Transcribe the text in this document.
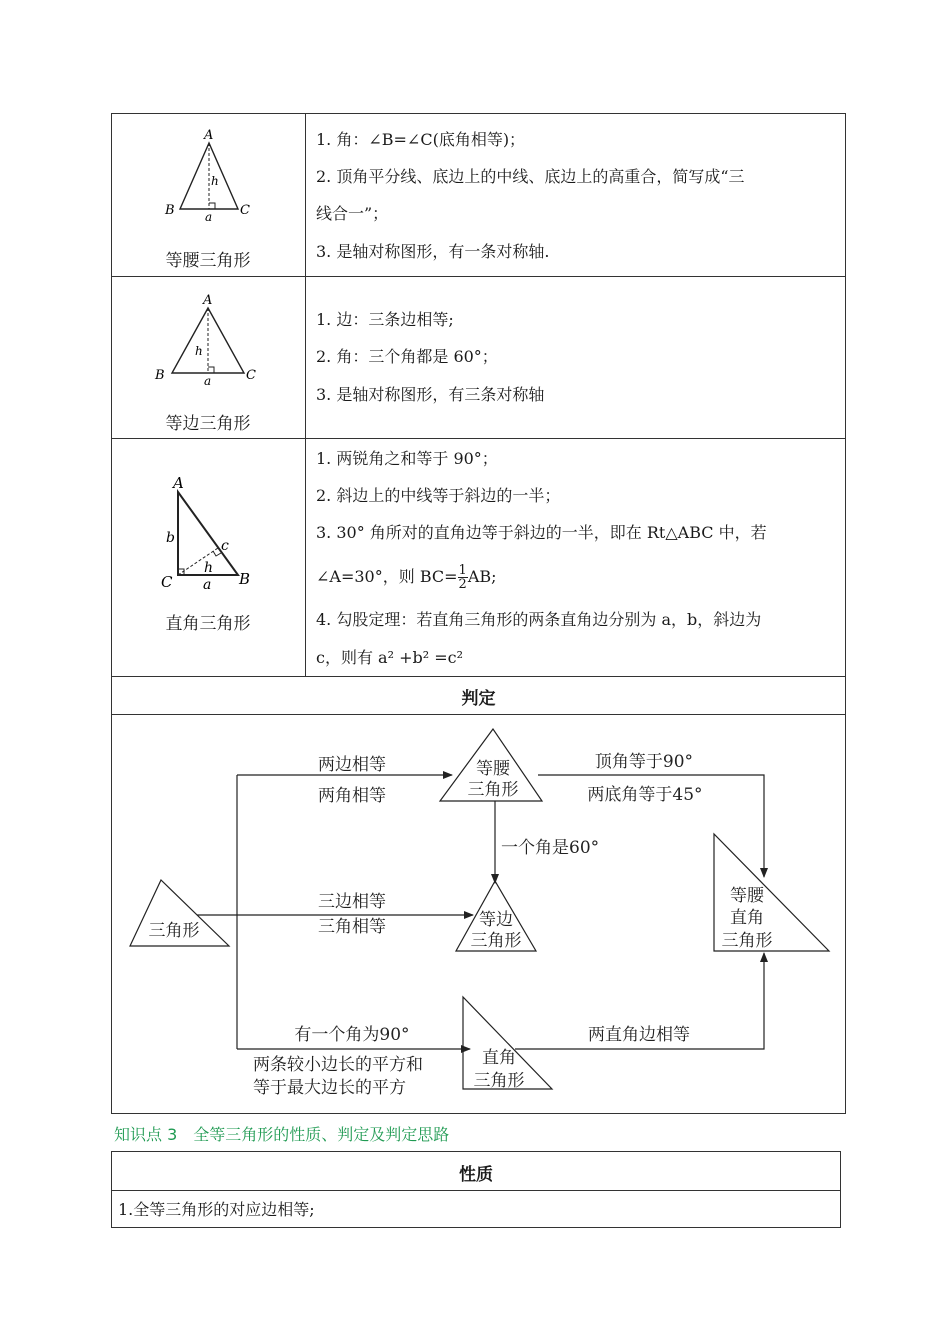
A
B	C
h
a
等腰三角形
1. 角：∠B=∠C(底角相等)；
2. 顶角平分线、底边上的中线、底边上的高重合，简写成“三
线合一”；
3. 是轴对称图形，有一条对称轴.
A
B	C
h
a
等边三角形
1. 边：三条边相等;
2. 角：三个角都是 60°；
3. 是轴对称图形，有三条对称轴
A
C	B
b	c
h
a
直角三角形
1. 两锐角之和等于 90°；
2. 斜边上的中线等于斜边的一半；
3. 30° 角所对的直角边等于斜边的一半，即在 Rt△ABC 中，若
∠A=30°，则 $BC= \frac{1}{2}$ AB;
4. 勾股定理：若直角三角形的两条直角边分别为 a，b，斜边为
c，则有 a² +b² =c²
判定
三角形
等腰
三角形
等边
三角形
直角
三角形
等腰
直角
三角形
两边相等
两角相等
三边相等
三角相等
一个角是60°
顶角等于90°
两底角等于45°
有一个角为90°
两条较小边长的平方和
等于最大边长的平方
两直角边相等
知识点 3　全等三角形的性质、判定及判定思路
性质
1.全等三角形的对应边相等;
